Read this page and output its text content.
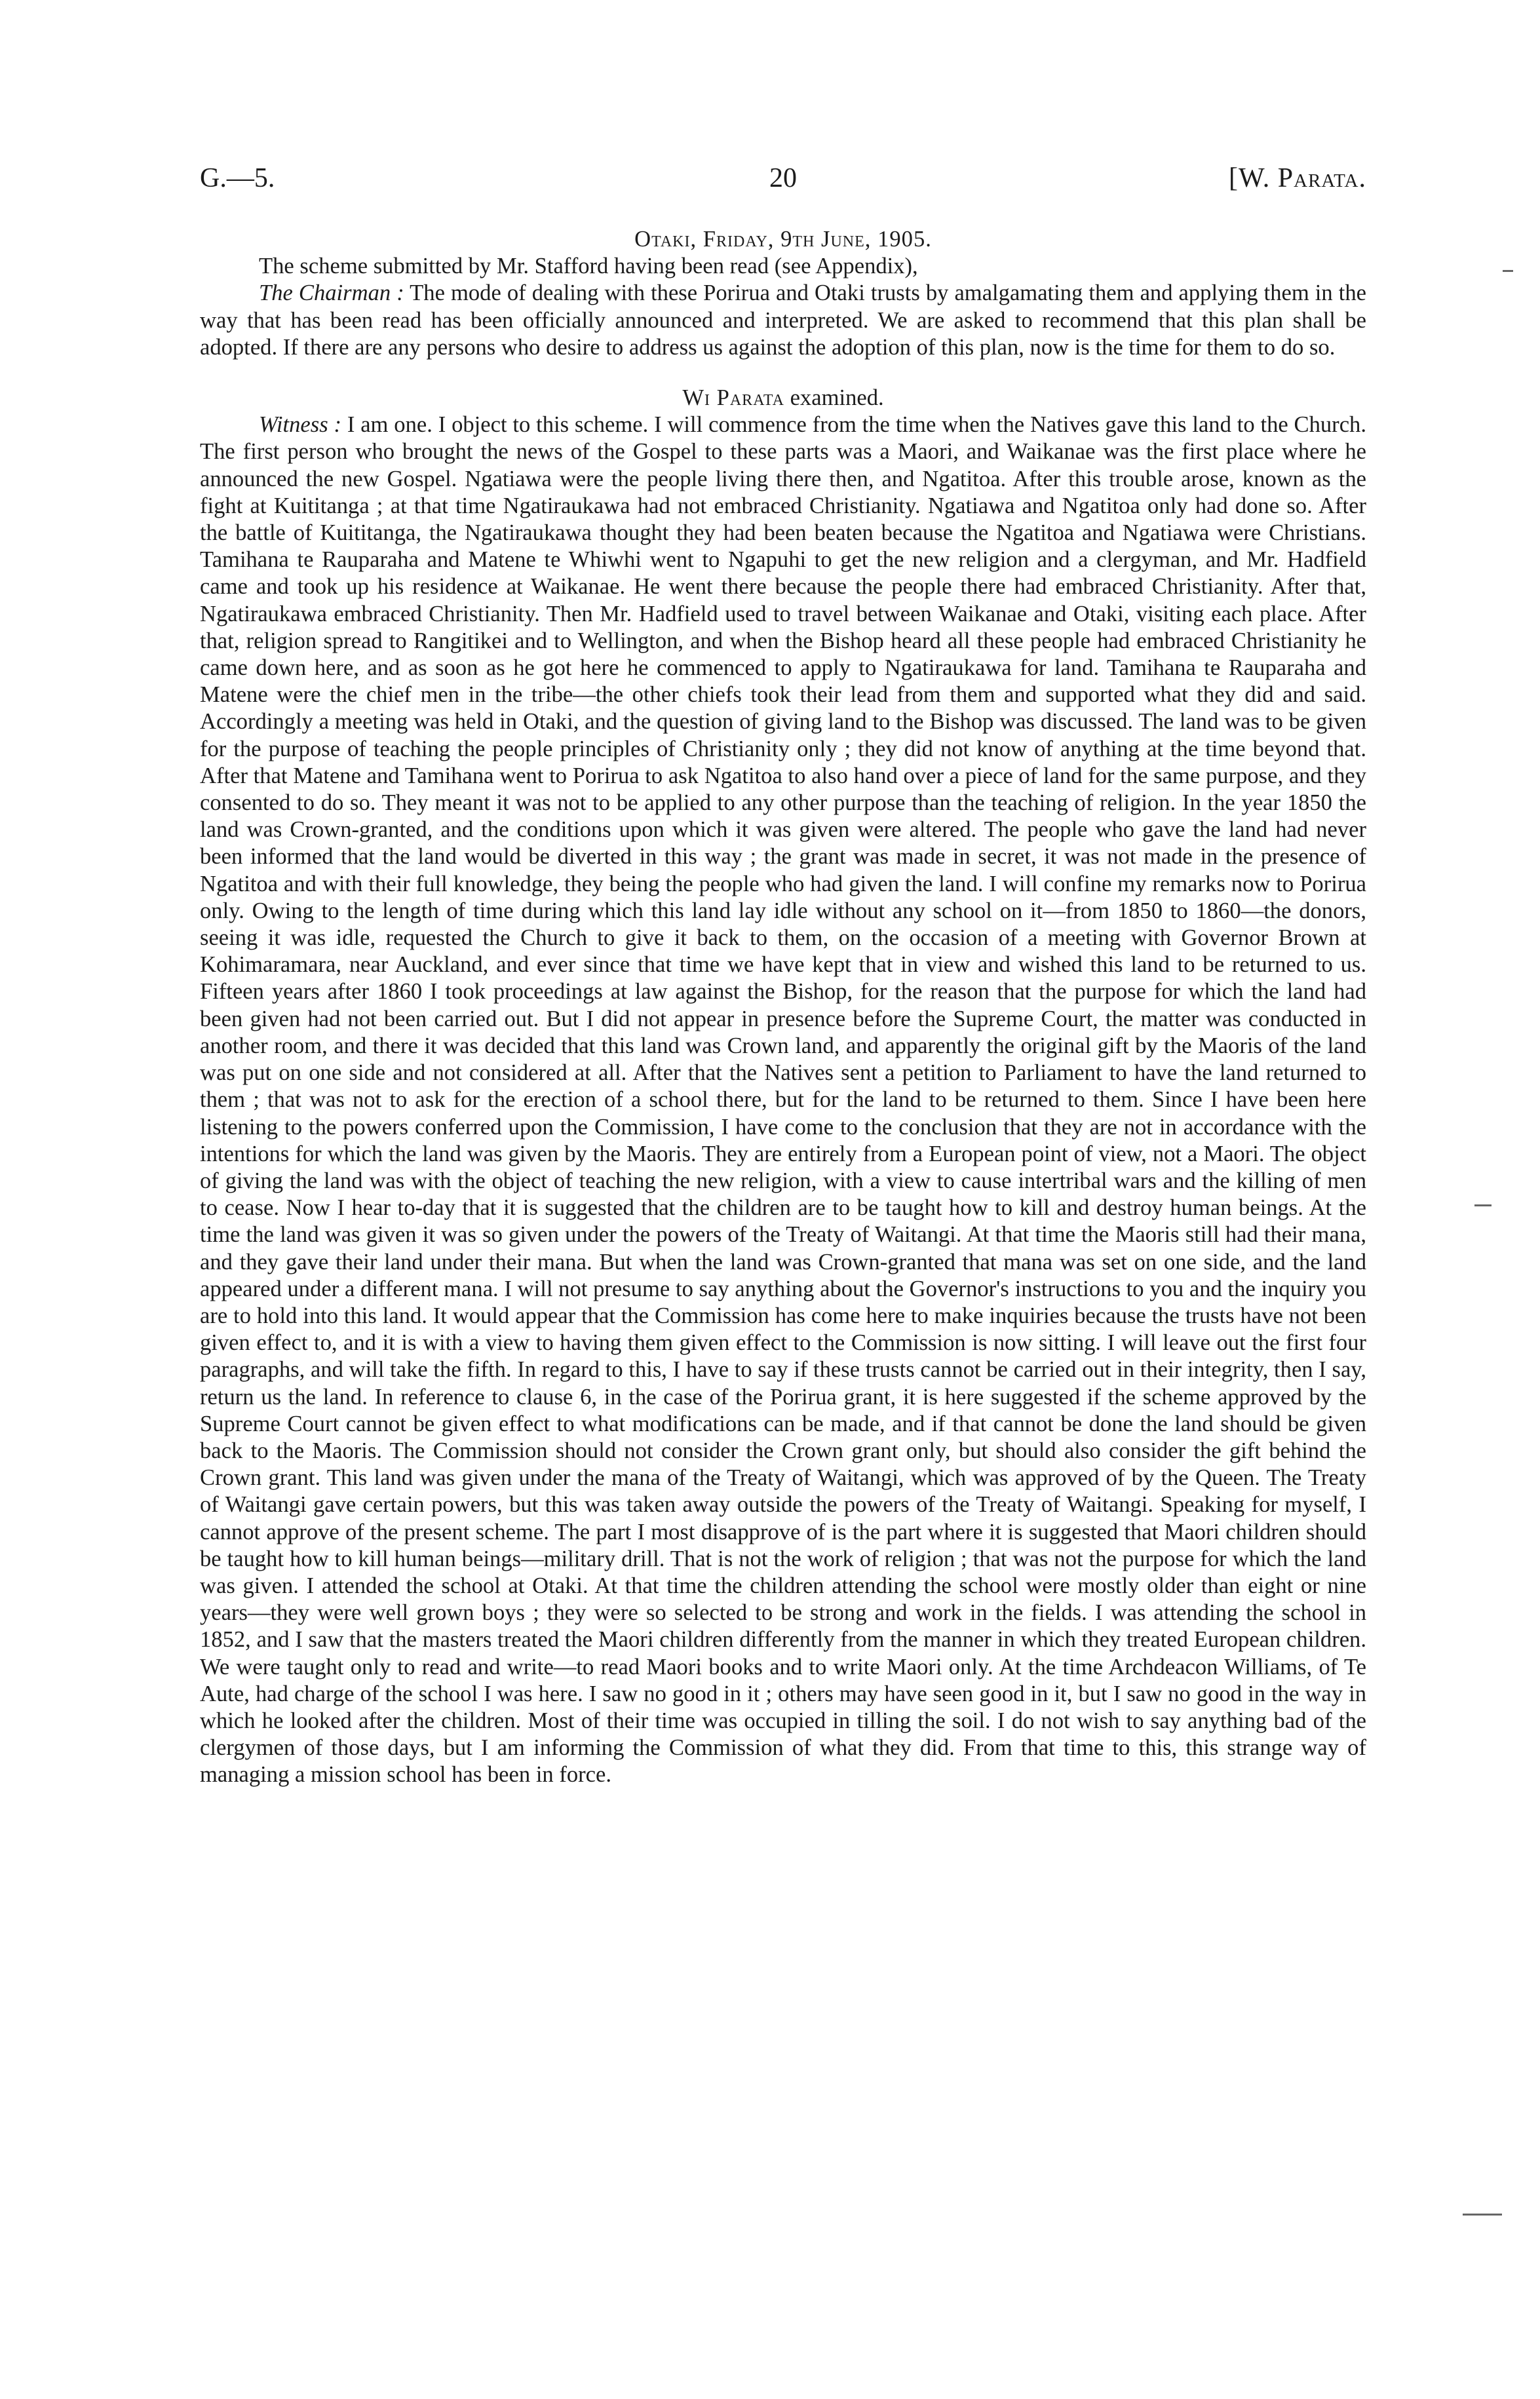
G.—5.	20	[W. Parata.

Otaki, Friday, 9th June, 1905.

The scheme submitted by Mr. Stafford having been read (see Appendix),

The Chairman : The mode of dealing with these Porirua and Otaki trusts by amalgamating them and applying them in the way that has been read has been officially announced and interpreted. We are asked to recommend that this plan shall be adopted. If there are any persons who desire to address us against the adoption of this plan, now is the time for them to do so.

Wi Parata examined.

Witness : I am one. I object to this scheme. I will commence from the time when the Natives gave this land to the Church. The first person who brought the news of the Gospel to these parts was a Maori, and Waikanae was the first place where he announced the new Gospel. Ngatiawa were the people living there then, and Ngatitoa. After this trouble arose, known as the fight at Kuititanga ; at that time Ngatiraukawa had not embraced Christianity. Ngatiawa and Ngatitoa only had done so. After the battle of Kuititanga, the Ngatiraukawa thought they had been beaten because the Ngatitoa and Ngatiawa were Christians. Tamihana te Rauparaha and Matene te Whiwhi went to Ngapuhi to get the new religion and a clergyman, and Mr. Hadfield came and took up his residence at Waikanae. He went there because the people there had embraced Christianity. After that, Ngatiraukawa embraced Christianity. Then Mr. Hadfield used to travel between Waikanae and Otaki, visiting each place. After that, religion spread to Rangitikei and to Wellington, and when the Bishop heard all these people had embraced Christianity he came down here, and as soon as he got here he commenced to apply to Ngatiraukawa for land. Tamihana te Rauparaha and Matene were the chief men in the tribe—the other chiefs took their lead from them and supported what they did and said. Accordingly a meeting was held in Otaki, and the question of giving land to the Bishop was discussed. The land was to be given for the purpose of teaching the people principles of Christianity only ; they did not know of anything at the time beyond that. After that Matene and Tamihana went to Porirua to ask Ngatitoa to also hand over a piece of land for the same purpose, and they consented to do so. They meant it was not to be applied to any other purpose than the teaching of religion. In the year 1850 the land was Crown-granted, and the conditions upon which it was given were altered. The people who gave the land had never been informed that the land would be diverted in this way ; the grant was made in secret, it was not made in the presence of Ngatitoa and with their full knowledge, they being the people who had given the land. I will confine my remarks now to Porirua only. Owing to the length of time during which this land lay idle without any school on it—from 1850 to 1860—the donors, seeing it was idle, requested the Church to give it back to them, on the occasion of a meeting with Governor Brown at Kohimaramara, near Auckland, and ever since that time we have kept that in view and wished this land to be returned to us. Fifteen years after 1860 I took proceedings at law against the Bishop, for the reason that the purpose for which the land had been given had not been carried out. But I did not appear in presence before the Supreme Court, the matter was conducted in another room, and there it was decided that this land was Crown land, and apparently the original gift by the Maoris of the land was put on one side and not considered at all. After that the Natives sent a petition to Parliament to have the land returned to them ; that was not to ask for the erection of a school there, but for the land to be returned to them. Since I have been here listening to the powers conferred upon the Commission, I have come to the conclusion that they are not in accordance with the intentions for which the land was given by the Maoris. They are entirely from a European point of view, not a Maori. The object of giving the land was with the object of teaching the new religion, with a view to cause intertribal wars and the killing of men to cease. Now I hear to-day that it is suggested that the children are to be taught how to kill and destroy human beings. At the time the land was given it was so given under the powers of the Treaty of Waitangi. At that time the Maoris still had their mana, and they gave their land under their mana. But when the land was Crown-granted that mana was set on one side, and the land appeared under a different mana. I will not presume to say anything about the Governor's instructions to you and the inquiry you are to hold into this land. It would appear that the Commission has come here to make inquiries because the trusts have not been given effect to, and it is with a view to having them given effect to the Commission is now sitting. I will leave out the first four paragraphs, and will take the fifth. In regard to this, I have to say if these trusts cannot be carried out in their integrity, then I say, return us the land. In reference to clause 6, in the case of the Porirua grant, it is here suggested if the scheme approved by the Supreme Court cannot be given effect to what modifications can be made, and if that cannot be done the land should be given back to the Maoris. The Commission should not consider the Crown grant only, but should also consider the gift behind the Crown grant. This land was given under the mana of the Treaty of Waitangi, which was approved of by the Queen. The Treaty of Waitangi gave certain powers, but this was taken away outside the powers of the Treaty of Waitangi. Speaking for myself, I cannot approve of the present scheme. The part I most disapprove of is the part where it is suggested that Maori children should be taught how to kill human beings—military drill. That is not the work of religion ; that was not the purpose for which the land was given. I attended the school at Otaki. At that time the children attending the school were mostly older than eight or nine years—they were well grown boys ; they were so selected to be strong and work in the fields. I was attending the school in 1852, and I saw that the masters treated the Maori children differently from the manner in which they treated European children. We were taught only to read and write—to read Maori books and to write Maori only. At the time Archdeacon Williams, of Te Aute, had charge of the school I was here. I saw no good in it ; others may have seen good in it, but I saw no good in the way in which he looked after the children. Most of their time was occupied in tilling the soil. I do not wish to say anything bad of the clergymen of those days, but I am informing the Commission of what they did. From that time to this, this strange way of managing a mission school has been in force.
